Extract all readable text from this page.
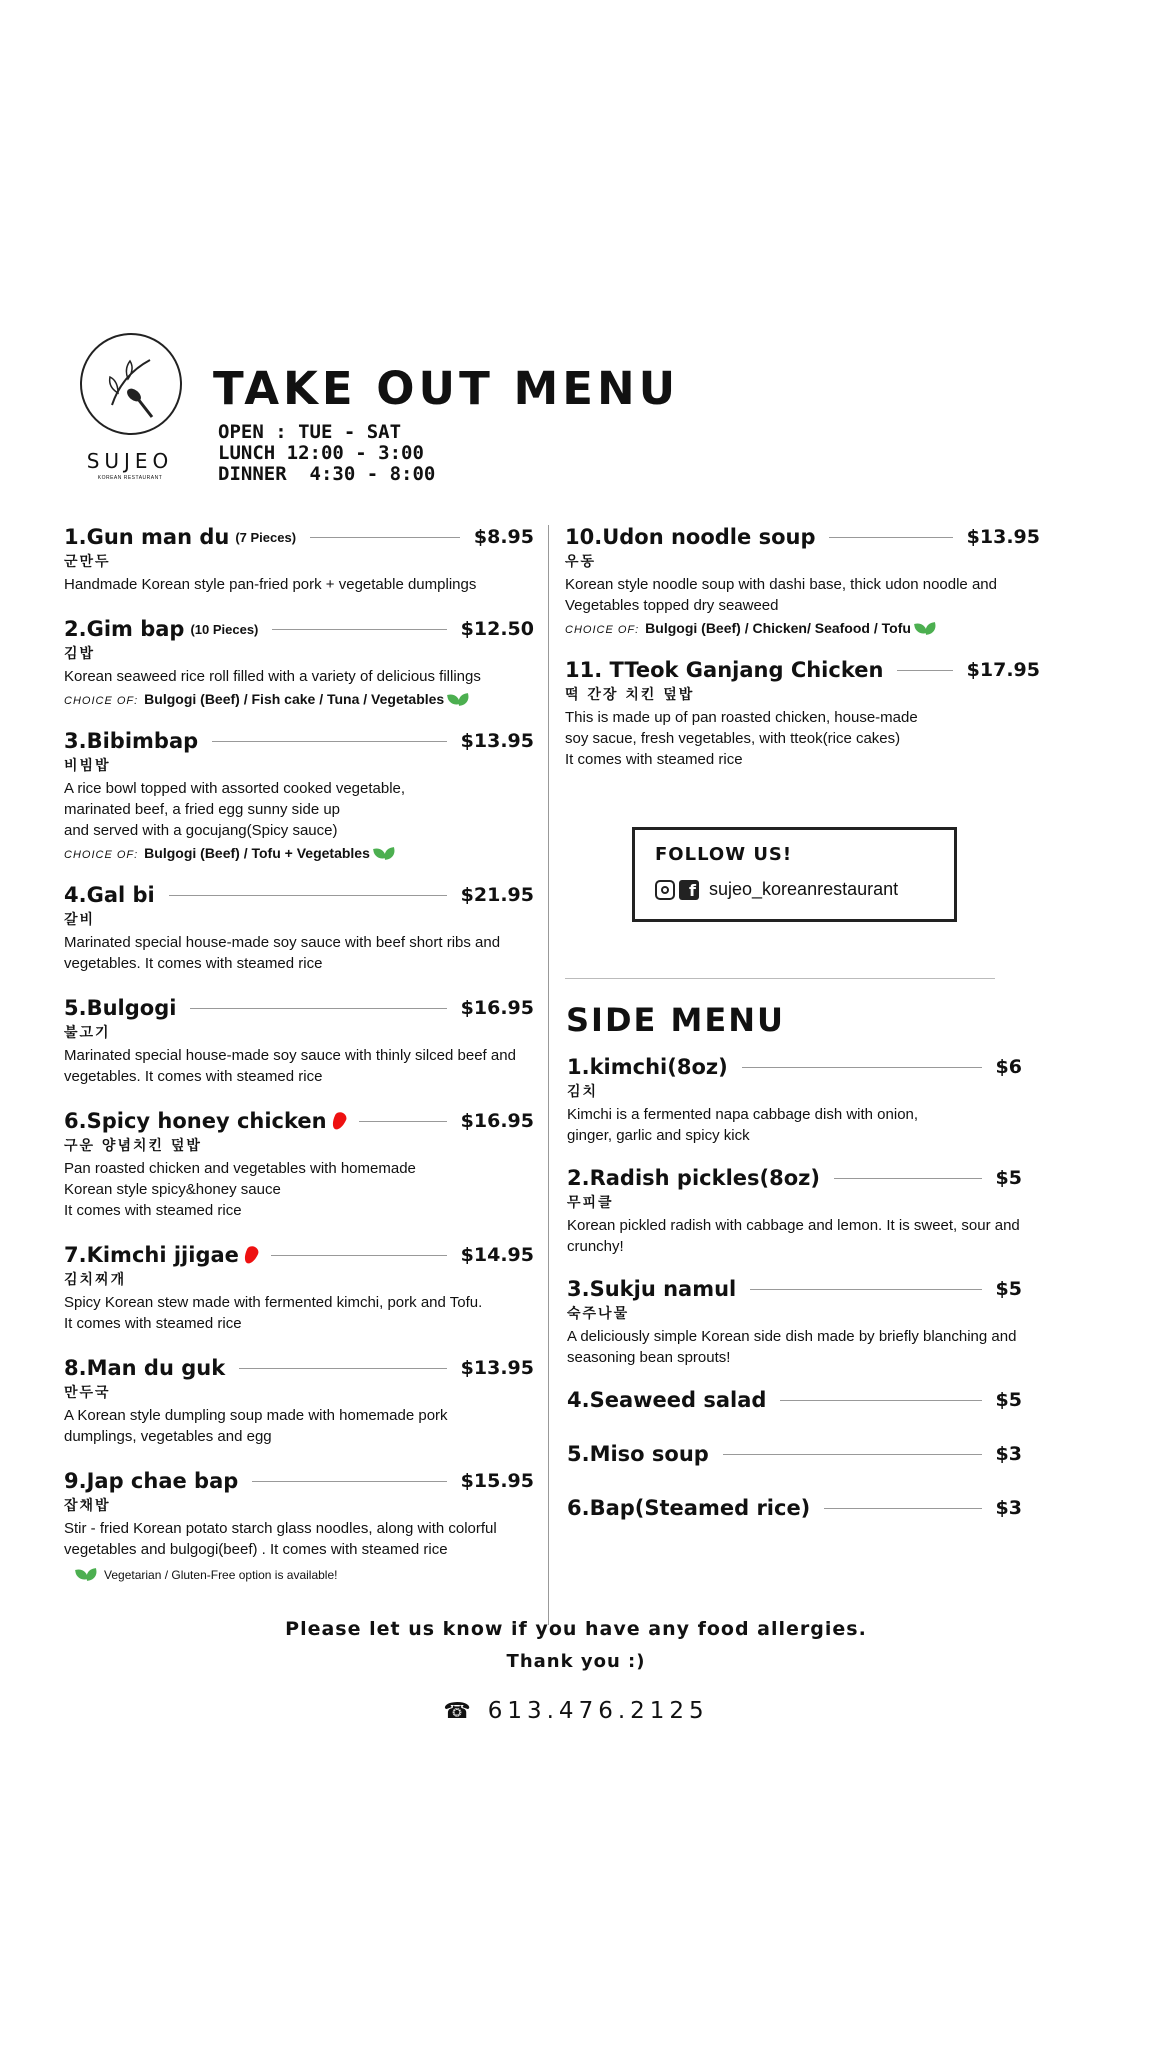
SUJEO
KOREAN RESTAURANT
TAKE OUT MENU
OPEN : TUE - SAT
LUNCH 12:00 - 3:00
DINNER  4:30 - 8:00
1.Gun man du (7 Pieces)	$8.95
군만두
Handmade Korean style pan-fried pork + vegetable dumplings
2.Gim bap (10 Pieces)	$12.50
김밥
Korean seaweed rice roll filled with a variety of delicious fillings
CHOICE OF: Bulgogi (Beef) / Fish cake / Tuna / Vegetables
3.Bibimbap	$13.95
비빔밥
A rice bowl topped with assorted cooked vegetable,
marinated beef, a fried egg sunny side up
and served with a gocujang(Spicy sauce)
CHOICE OF: Bulgogi (Beef) / Tofu + Vegetables
4.Gal bi	$21.95
갈비
Marinated special house-made soy sauce with beef short ribs and vegetables. It comes with steamed rice
5.Bulgogi	$16.95
불고기
Marinated special house-made soy sauce with thinly silced beef and vegetables. It comes with steamed rice
6.Spicy honey chicken	$16.95
구운 양념치킨 덮밥
Pan roasted chicken and vegetables with homemade
Korean style spicy&honey sauce
It comes with steamed rice
7.Kimchi jjigae	$14.95
김치찌개
Spicy Korean stew made with fermented kimchi, pork and Tofu.
It comes with steamed rice
8.Man du guk	$13.95
만두국
A Korean style dumpling soup made with homemade pork
dumplings, vegetables and egg
9.Jap chae bap	$15.95
잡채밥
Stir - fried Korean potato starch glass noodles, along with colorful vegetables and bulgogi(beef) . It comes with steamed rice
Vegetarian / Gluten-Free option is available!
10.Udon noodle soup	$13.95
우동
Korean style noodle soup with dashi base, thick udon noodle and Vegetables topped dry seaweed
CHOICE OF: Bulgogi (Beef) / Chicken/ Seafood / Tofu
11. TTeok Ganjang Chicken	$17.95
떡 간장 치킨 덮밥
This is made up of pan roasted chicken, house-made
soy sacue, fresh vegetables, with tteok(rice cakes)
It comes with steamed rice
FOLLOW US!
f sujeo_koreanrestaurant
SIDE MENU
1.kimchi(8oz)	$6
김치
Kimchi is a fermented napa cabbage dish with onion,
ginger, garlic and spicy kick
2.Radish pickles(8oz)	$5
무피클
Korean pickled radish with cabbage and lemon. It is sweet, sour and crunchy!
3.Sukju namul	$5
숙주나물
A deliciously simple Korean side dish made by briefly blanching and seasoning bean sprouts!
4.Seaweed salad	$5
5.Miso soup	$3
6.Bap(Steamed rice)	$3
Please let us know if you have any food allergies.
Thank you :)
☎ 613.476.2125
